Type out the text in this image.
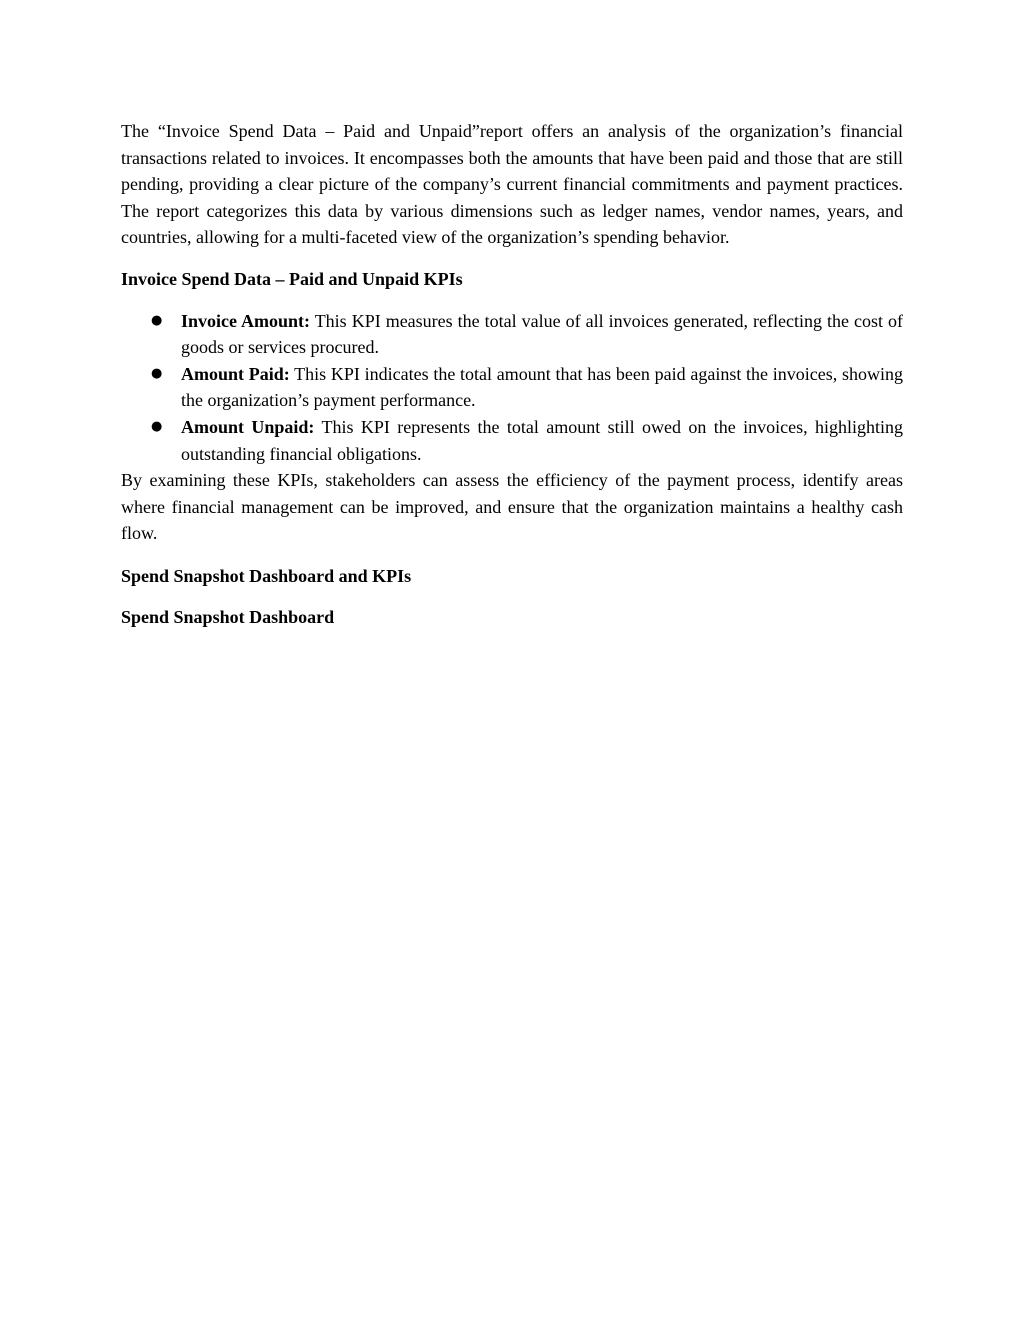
The “Invoice Spend Data – Paid and Unpaid”report offers an analysis of the organization’s financial transactions related to invoices. It encompasses both the amounts that have been paid and those that are still pending, providing a clear picture of the company’s current financial commitments and payment practices. The report categorizes this data by various dimensions such as ledger names, vendor names, years, and countries, allowing for a multi-faceted view of the organization’s spending behavior.

Invoice Spend Data – Paid and Unpaid KPIs

● Invoice Amount: This KPI measures the total value of all invoices generated, reflecting the cost of goods or services procured.
● Amount Paid: This KPI indicates the total amount that has been paid against the invoices, showing the organization’s payment performance.
● Amount Unpaid: This KPI represents the total amount still owed on the invoices, highlighting outstanding financial obligations.

By examining these KPIs, stakeholders can assess the efficiency of the payment process, identify areas where financial management can be improved, and ensure that the organization maintains a healthy cash flow.

Spend Snapshot Dashboard and KPIs

Spend Snapshot Dashboard
